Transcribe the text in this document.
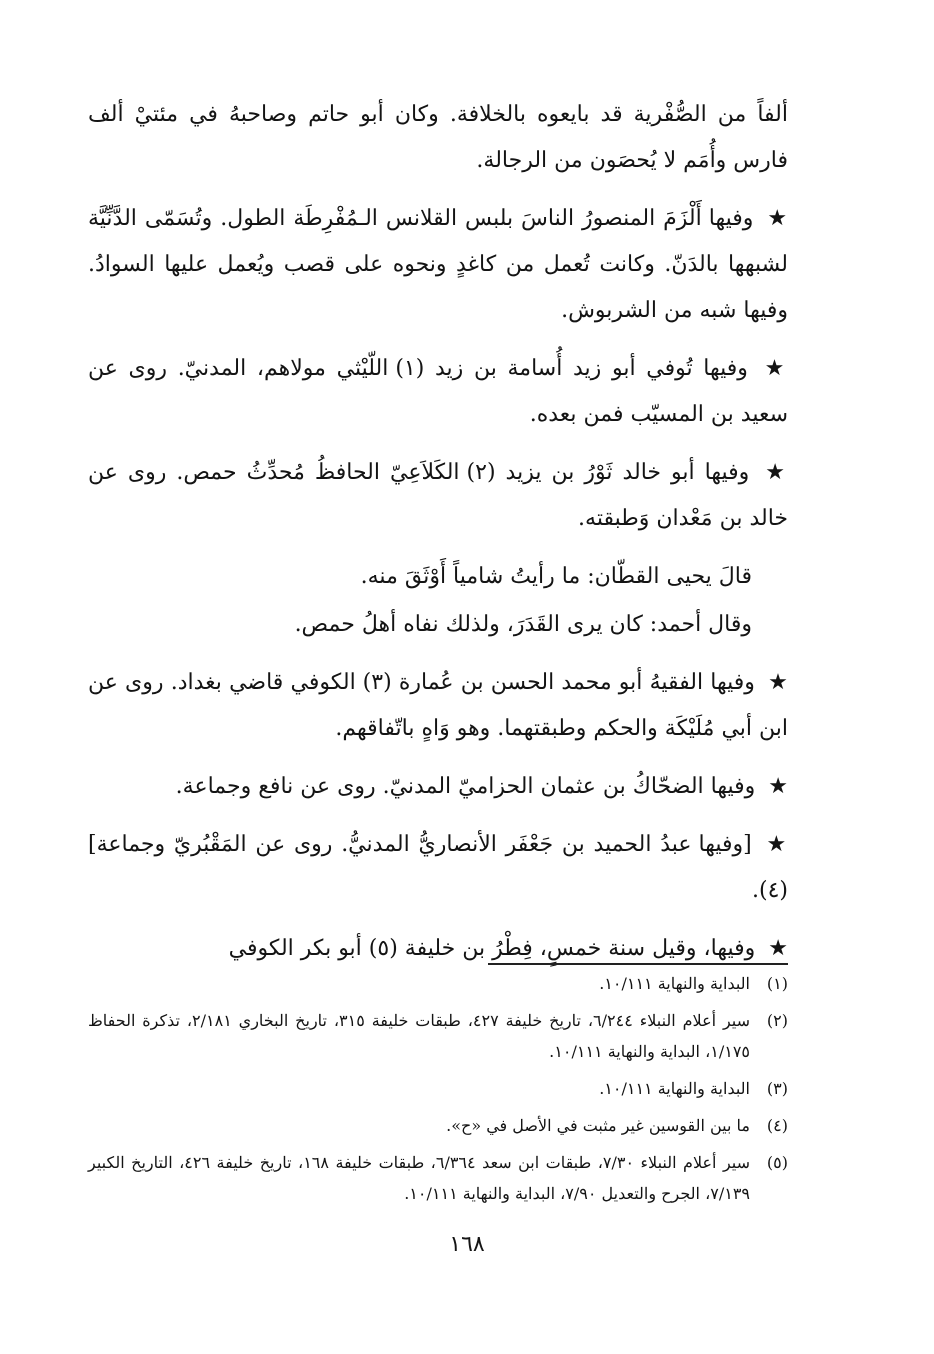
ألفاً من الصُّفْرية قد بايعوه بالخلافة. وكان أبو حاتم وصاحبهُ في مئتيْ ألف فارس وأُمَم لا يُحصَون من الرجالة.

★ وفيها أَلْزَمَ المنصورُ الناسَ بلبس القلانس الـمُفْرِطَة الطول. وتُسَمّى الدَّنِّيَّة لشبهها بالدَنّ. وكانت تُعمل من كاغدٍ ونحوه على قصب ويُعمل عليها السوادُ. وفيها شبه من الشربوش.

★ وفيها تُوفي أبو زيد أُسامة بن زيد (١) اللّيْثي مولاهم، المدنيّ. روى عن سعيد بن المسيّب فمن بعده.

★ وفيها أبو خالد ثَوْرُ بن يزيد (٢) الكَلاَعِيّ الحافظُ مُحدِّثُ حمص. روى عن خالد بن مَعْدان وَطبقته.

قالَ يحيى القطّان: ما رأيتُ شامياً أَوْثَقَ منه.

وقال أحمد: كان يرى القَدَرَ، ولذلك نفاه أهلُ حمص.

★ وفيها الفقيهُ أبو محمد الحسن بن عُمارة (٣) الكوفي قاضي بغداد. روى عن ابن أبي مُلَيْكَة والحكم وطبقتهما. وهو وَاهٍ باتّفاقهم.

★ وفيها الضحّاكُ بن عثمان الحزاميّ المدنيّ. روى عن نافع وجماعة.

★ [وفيها عبدُ الحميد بن جَعْفَر الأنصاريُّ المدنيُّ. روى عن المَقْبُريّ وجماعة] (٤).

★ وفيها، وقيل سنة خمسٍ، فِطْرُ بن خليفة (٥) أبو بكر الكوفي

(١)
البداية والنهاية ١٠/١١١.

(٢)
سير أعلام النبلاء ٦/٢٤٤، تاريخ خليفة ٤٢٧، طبقات خليفة ٣١٥، تاريخ البخاري ٢/١٨١، تذكرة الحفاظ ١/١٧٥، البداية والنهاية ١٠/١١١.

(٣)
البداية والنهاية ١٠/١١١.

(٤)
ما بين القوسين غير مثبت في الأصل في «ح».

(٥)
سير أعلام النبلاء ٧/٣٠، طبقات ابن سعد ٦/٣٦٤، طبقات خليفة ١٦٨، تاريخ خليفة ٤٢٦، التاريخ الكبير ٧/١٣٩، الجرح والتعديل ٧/٩٠، البداية والنهاية ١٠/١١١.

١٦٨
